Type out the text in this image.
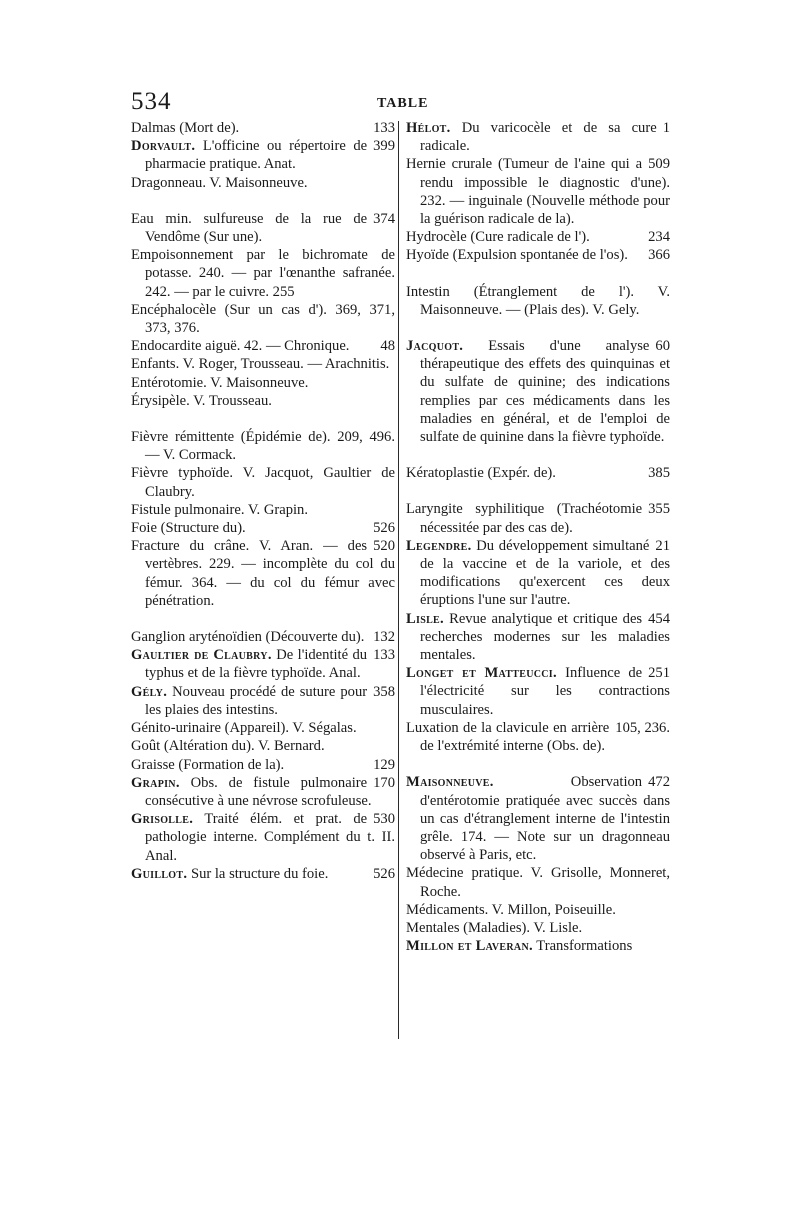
534	TABLE
133
Dalmas (Mort de).
399
Dorvault. L'officine ou répertoire de pharmacie pratique. Anat.
Dragonneau. V. Maisonneuve.
374
Eau min. sulfureuse de la rue de Vendôme (Sur une).
Empoisonnement par le bichromate de potasse. 240. — par l'œnanthe safranée. 242. — par le cuivre. 255
Encéphalocèle (Sur un cas d'). 369, 371, 373, 376.
48
Endocardite aiguë. 42. — Chronique.
Enfants. V. Roger, Trousseau. — Arachnitis.
Entérotomie. V. Maisonneuve.
Érysipèle. V. Trousseau.
Fièvre rémittente (Épidémie de). 209, 496. — V. Cormack.
Fièvre typhoïde. V. Jacquot, Gaultier de Claubry.
Fistule pulmonaire. V. Grapin.
526
Foie (Structure du).
520
Fracture du crâne. V. Aran. — des vertèbres. 229. — incomplète du col du fémur. 364. — du col du fémur avec pénétration.
132
Ganglion aryténoïdien (Découverte du).
133
Gaultier de Claubry. De l'identité du typhus et de la fièvre typhoïde. Anal.
358
Gély. Nouveau procédé de suture pour les plaies des intestins.
Génito-urinaire (Appareil). V. Ségalas.
Goût (Altération du). V. Bernard.
129
Graisse (Formation de la).
170
Grapin. Obs. de fistule pulmonaire consécutive à une névrose scrofuleuse.
530
Grisolle. Traité élém. et prat. de pathologie interne. Complément du t. II. Anal.
526
Guillot. Sur la structure du foie.
1
Hélot. Du varicocèle et de sa cure radicale.
509
Hernie crurale (Tumeur de l'aine qui a rendu impossible le diagnostic d'une). 232. — inguinale (Nouvelle méthode pour la guérison radicale de la).
234
Hydrocèle (Cure radicale de l').
366
Hyoïde (Expulsion spontanée de l'os).
Intestin (Étranglement de l'). V. Maisonneuve. — (Plais des). V. Gely.
60
Jacquot. Essais d'une analyse thérapeutique des effets des quinquinas et du sulfate de quinine; des indications remplies par ces médicaments dans les maladies en général, et de l'emploi de sulfate de quinine dans la fièvre typhoïde.
385
Kératoplastie (Expér. de).
355
Laryngite syphilitique (Trachéotomie nécessitée par des cas de).
21
Legendre. Du développement simultané de la vaccine et de la variole, et des modifications qu'exercent ces deux éruptions l'une sur l'autre.
454
Lisle. Revue analytique et critique des recherches modernes sur les maladies mentales.
251
Longet et Matteucci. Influence de l'électricité sur les contractions musculaires.
105, 236.
Luxation de la clavicule en arrière de l'extrémité interne (Obs. de).
472
Maisonneuve. Observation d'entérotomie pratiquée avec succès dans un cas d'étranglement interne de l'intestin grêle. 174. — Note sur un dragonneau observé à Paris, etc.
Médecine pratique. V. Grisolle, Monneret, Roche.
Médicaments. V. Millon, Poiseuille.
Mentales (Maladies). V. Lisle.
Millon et Laveran. Transformations
